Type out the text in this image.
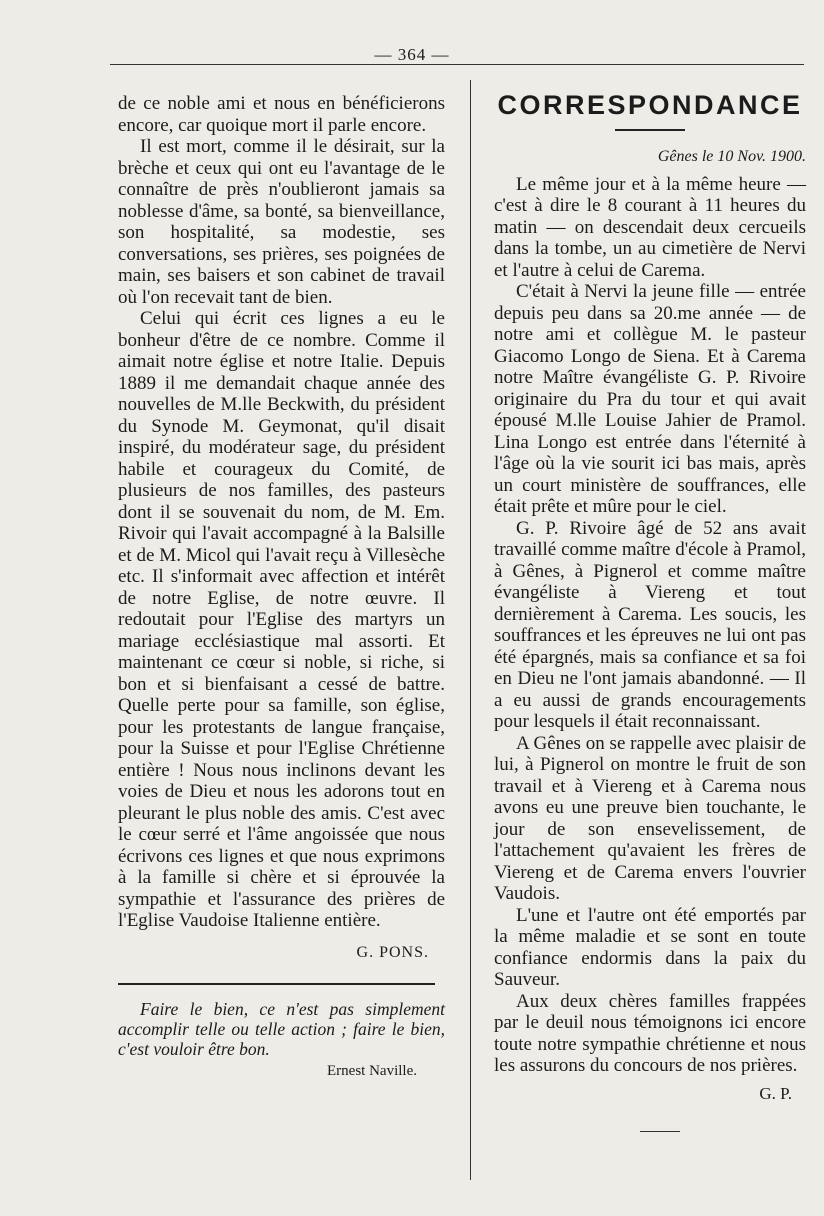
— 364 —

de ce noble ami et nous en bénéficierons encore, car quoique mort il parle encore.

Il est mort, comme il le désirait, sur la brèche et ceux qui ont eu l'avantage de le connaître de près n'oublieront jamais sa noblesse d'âme, sa bonté, sa bienveillance, son hospitalité, sa modestie, ses conversations, ses prières, ses poignées de main, ses baisers et son cabinet de travail où l'on recevait tant de bien.

Celui qui écrit ces lignes a eu le bonheur d'être de ce nombre. Comme il aimait notre église et notre Italie. Depuis 1889 il me demandait chaque année des nouvelles de M.lle Beckwith, du président du Synode M. Geymonat, qu'il disait inspiré, du modérateur sage, du président habile et courageux du Comité, de plusieurs de nos familles, des pasteurs dont il se souvenait du nom, de M. Em. Rivoir qui l'avait accompagné à la Balsille et de M. Micol qui l'avait reçu à Villesèche etc. Il s'informait avec affection et intérêt de notre Eglise, de notre œuvre. Il redoutait pour l'Eglise des martyrs un mariage ecclésiastique mal assorti. Et maintenant ce cœur si noble, si riche, si bon et si bienfaisant a cessé de battre. Quelle perte pour sa famille, son église, pour les protestants de langue française, pour la Suisse et pour l'Eglise Chrétienne entière ! Nous nous inclinons devant les voies de Dieu et nous les adorons tout en pleurant le plus noble des amis. C'est avec le cœur serré et l'âme angoissée que nous écrivons ces lignes et que nous exprimons à la famille si chère et si éprouvée la sympathie et l'assurance des prières de l'Eglise Vaudoise Italienne entière.

G. PONS.

Faire le bien, ce n'est pas simplement accomplir telle ou telle action ; faire le bien, c'est vouloir être bon.

Ernest Naville.
CORRESPONDANCE
Gênes le 10 Nov. 1900.

Le même jour et à la même heure — c'est à dire le 8 courant à 11 heures du matin — on descendait deux cercueils dans la tombe, un au cimetière de Nervi et l'autre à celui de Carema.

C'était à Nervi la jeune fille — entrée depuis peu dans sa 20.me année — de notre ami et collègue M. le pasteur Giacomo Longo de Siena. Et à Carema notre Maître évangéliste G. P. Rivoire originaire du Pra du tour et qui avait épousé M.lle Louise Jahier de Pramol. Lina Longo est entrée dans l'éternité à l'âge où la vie sourit ici bas mais, après un court ministère de souffrances, elle était prête et mûre pour le ciel.

G. P. Rivoire âgé de 52 ans avait travaillé comme maître d'école à Pramol, à Gênes, à Pignerol et comme maître évangéliste à Viereng et tout dernièrement à Carema. Les soucis, les souffrances et les épreuves ne lui ont pas été épargnés, mais sa confiance et sa foi en Dieu ne l'ont jamais abandonné. — Il a eu aussi de grands encouragements pour lesquels il était reconnaissant.

A Gênes on se rappelle avec plaisir de lui, à Pignerol on montre le fruit de son travail et à Viereng et à Carema nous avons eu une preuve bien touchante, le jour de son ensevelissement, de l'attachement qu'avaient les frères de Viereng et de Carema envers l'ouvrier Vaudois.

L'une et l'autre ont été emportés par la même maladie et se sont en toute confiance endormis dans la paix du Sauveur.

Aux deux chères familles frappées par le deuil nous témoignons ici encore toute notre sympathie chrétienne et nous les assurons du concours de nos prières.

G. P.
